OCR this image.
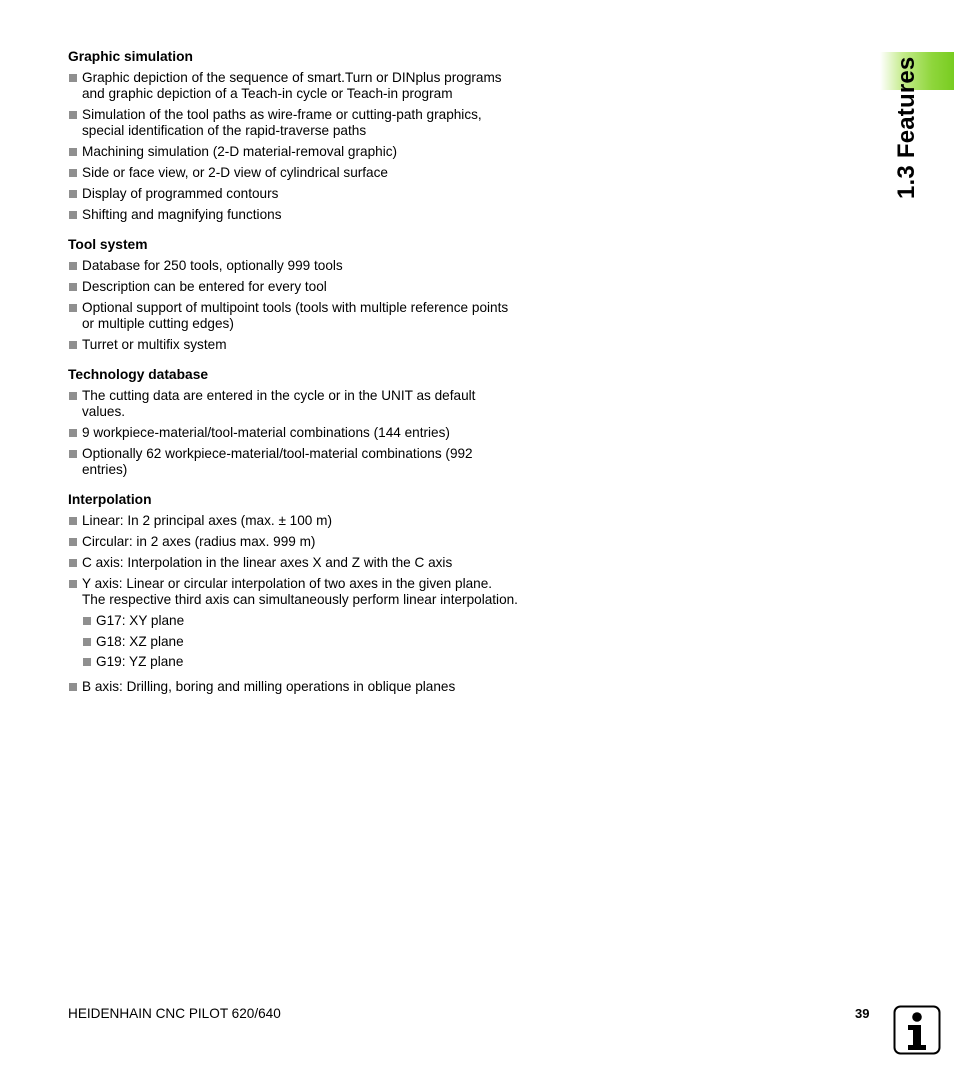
Graphic simulation
Graphic depiction of the sequence of smart.Turn or DINplus programs and graphic depiction of a Teach-in cycle or Teach-in program
Simulation of the tool paths as wire-frame or cutting-path graphics, special identification of the rapid-traverse paths
Machining simulation (2-D material-removal graphic)
Side or face view, or 2-D view of cylindrical surface
Display of programmed contours
Shifting and magnifying functions
Tool system
Database for 250 tools, optionally 999 tools
Description can be entered for every tool
Optional support of multipoint tools (tools with multiple reference points or multiple cutting edges)
Turret or multifix system
Technology database
The cutting data are entered in the cycle or in the UNIT as default values.
9 workpiece-material/tool-material combinations (144 entries)
Optionally 62 workpiece-material/tool-material combinations (992 entries)
Interpolation
Linear: In 2 principal axes (max. ± 100 m)
Circular: in 2 axes (radius max. 999 m)
C axis: Interpolation in the linear axes X and Z with the C axis
Y axis: Linear or circular interpolation of two axes in the given plane. The respective third axis can simultaneously perform linear interpolation.
G17: XY plane
G18: XZ plane
G19: YZ plane
B axis: Drilling, boring and milling operations in oblique planes
1.3 Features
HEIDENHAIN CNC PILOT 620/640	39
